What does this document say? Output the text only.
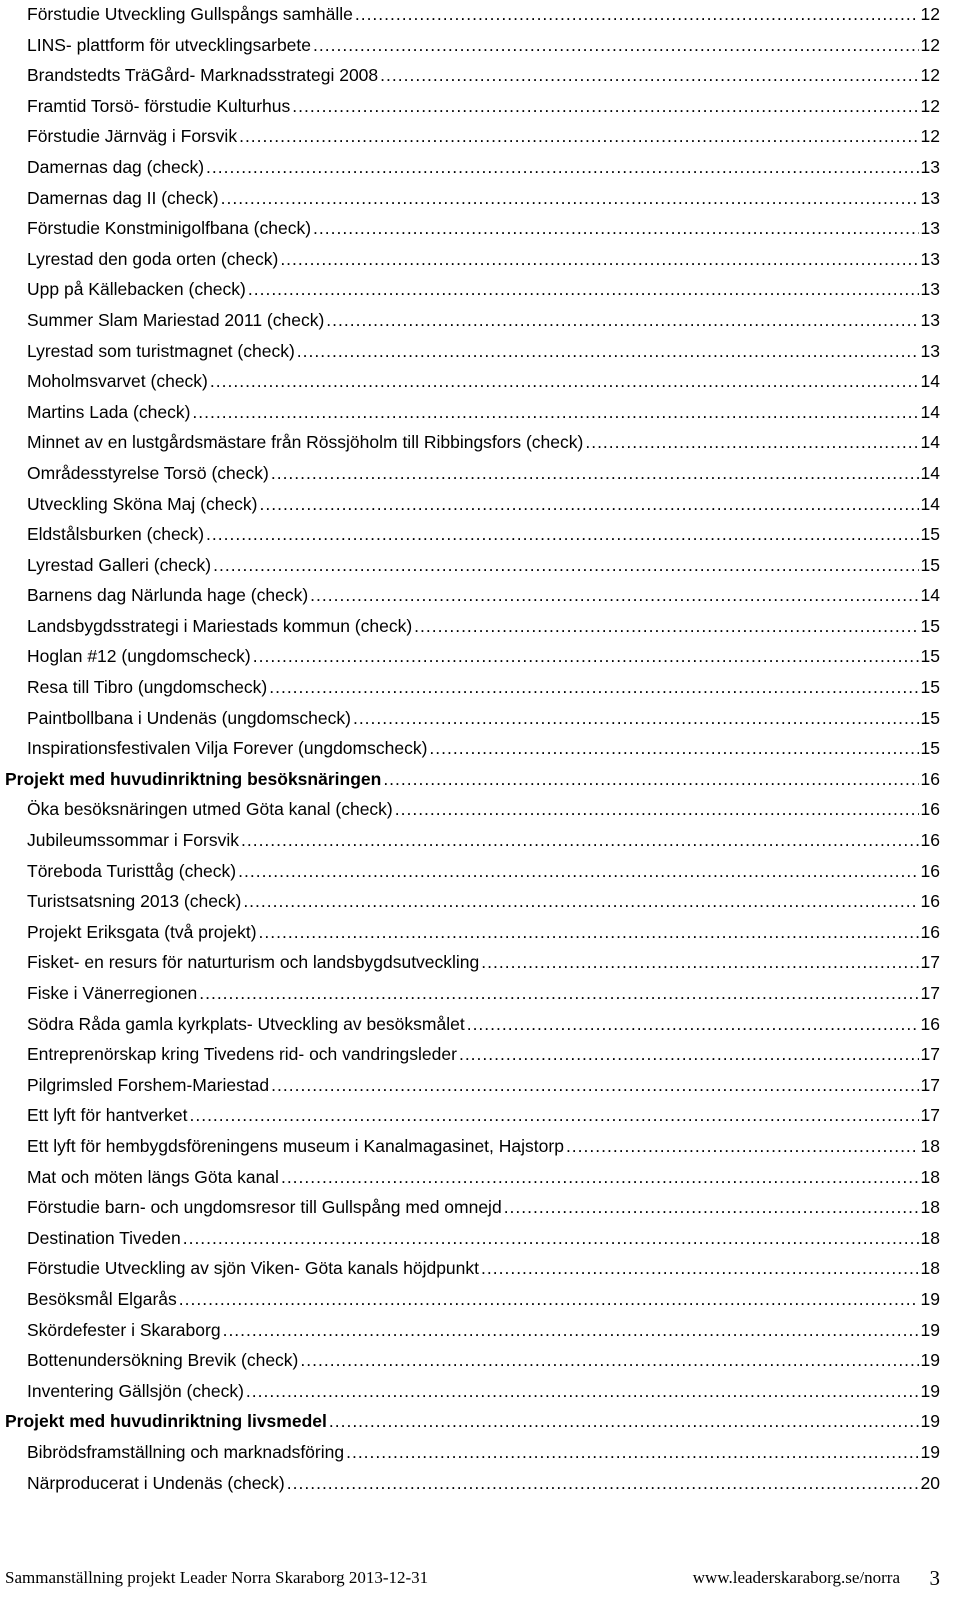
Förstudie Utveckling Gullspångs samhälle .....	12
LINS- plattform för utvecklingsarbete .....	12
Brandstedts TräGård- Marknadsstrategi 2008 .....	12
Framtid Torsö- förstudie Kulturhus .....	12
Förstudie Järnväg i Forsvik .....	12
Damernas dag (check) .....	13
Damernas dag II (check) .....	13
Förstudie Konstminigolfbana (check) .....	13
Lyrestad den goda orten (check) .....	13
Upp på Källebacken (check) .....	13
Summer Slam Mariestad 2011 (check) .....	13
Lyrestad som turistmagnet (check) .....	13
Moholmsvarvet (check) .....	14
Martins Lada (check) .....	14
Minnet av en lustgårdsmästare från Rössjöholm till Ribbingsfors (check) .....	14
Områdesstyrelse Torsö (check) .....	14
Utveckling Sköna Maj (check) .....	14
Eldstålsburken (check) .....	15
Lyrestad Galleri (check) .....	15
Barnens dag Närlunda hage (check) .....	14
Landsbygdsstrategi i Mariestads kommun (check) .....	15
Hoglan #12 (ungdomscheck) .....	15
Resa till Tibro (ungdomscheck) .....	15
Paintbollbana i Undenäs (ungdomscheck) .....	15
Inspirationsfestivalen Vilja Forever (ungdomscheck) .....	15
Projekt med huvudinriktning besöksnäringen .....	16
Öka besöksnäringen utmed Göta kanal (check) .....	16
Jubileumssommar i Forsvik .....	16
Töreboda Turisttåg (check) .....	16
Turistsatsning 2013 (check) .....	16
Projekt Eriksgata (två projekt) .....	16
Fisket- en resurs för naturturism och landsbygdsutveckling .....	17
Fiske i Vänerregionen .....	17
Södra Råda gamla kyrkplats- Utveckling av besöksmålet .....	16
Entreprenörskap kring Tivedens rid- och vandringsleder .....	17
Pilgrimsled Forshem-Mariestad .....	17
Ett lyft för hantverket .....	17
Ett lyft för hembygdsföreningens museum i Kanalmagasinet, Hajstorp .....	18
Mat och möten längs Göta kanal .....	18
Förstudie barn- och ungdomsresor till Gullspång med omnejd .....	18
Destination Tiveden .....	18
Förstudie Utveckling av sjön Viken- Göta kanals höjdpunkt .....	18
Besöksmål Elgarås .....	19
Skördefester i Skaraborg .....	19
Bottenundersökning Brevik (check) .....	19
Inventering Gällsjön (check) .....	19
Projekt med huvudinriktning livsmedel .....	19
Bibrödsframställning och marknadsföring .....	19
Närproducerat i Undenäs (check) .....	20
Sammanställning projekt Leader Norra Skaraborg 2013-12-31	www.leaderskaraborg.se/norra 3
